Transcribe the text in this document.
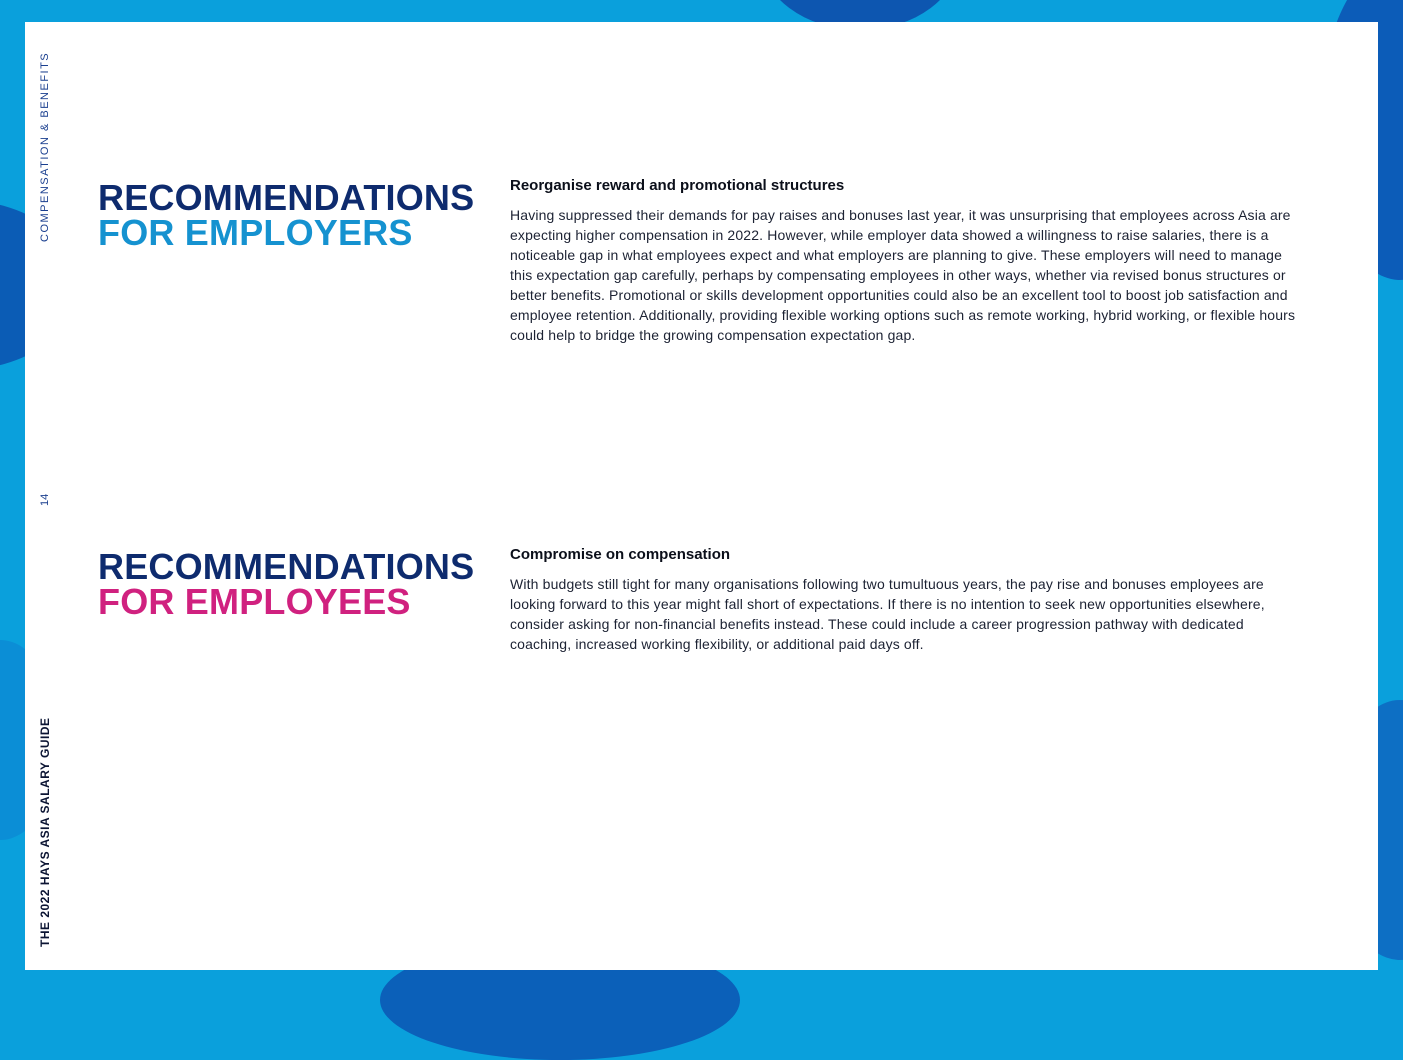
COMPENSATION & BENEFITS
14
THE 2022 HAYS ASIA SALARY GUIDE
RECOMMENDATIONS
FOR EMPLOYERS
Reorganise reward and promotional structures

Having suppressed their demands for pay raises and bonuses last year, it was unsurprising that employees across Asia are expecting higher compensation in 2022. However, while employer data showed a willingness to raise salaries, there is a noticeable gap in what employees expect and what employers are planning to give. These employers will need to manage this expectation gap carefully, perhaps by compensating employees in other ways, whether via revised bonus structures or better benefits. Promotional or skills development opportunities could also be an excellent tool to boost job satisfaction and employee retention. Additionally, providing flexible working options such as remote working, hybrid working, or flexible hours could help to bridge the growing compensation expectation gap.

RECOMMENDATIONS
FOR EMPLOYEES
Compromise on compensation

With budgets still tight for many organisations following two tumultuous years, the pay rise and bonuses employees are looking forward to this year might fall short of expectations. If there is no intention to seek new opportunities elsewhere, consider asking for non-financial benefits instead. These could include a career progression pathway with dedicated coaching, increased working flexibility, or additional paid days off.
